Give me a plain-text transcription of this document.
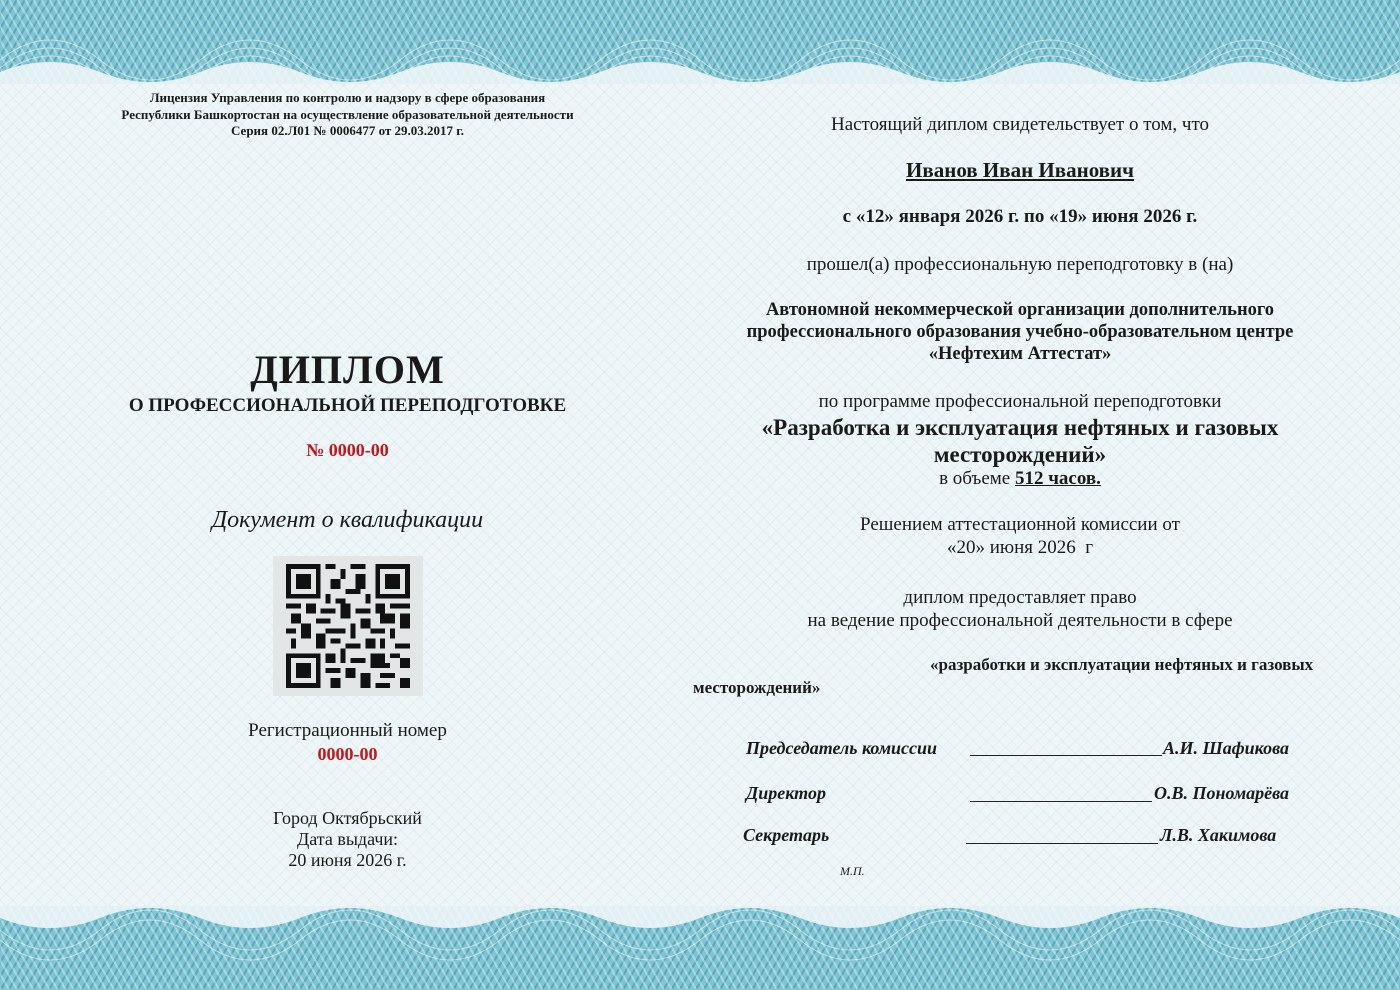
Лицензия Управления по контролю и надзору в сфере образования
Республики Башкортостан на осуществление образовательной деятельности
Серия 02.Л01 № 0006477 от 29.03.2017 г.
ДИПЛОМ
О ПРОФЕССИОНАЛЬНОЙ ПЕРЕПОДГОТОВКЕ
№ 0000-00
Документ о квалификации
Регистрационный номер
0000-00
Город Октябрьский
Дата выдачи:
20 июня 2026 г.
Настоящий диплом свидетельствует о том, что
Иванов Иван Иванович
с «12» января 2026 г. по «19» июня 2026 г.
прошел(а) профессиональную переподготовку в (на)
Автономной некоммерческой организации дополнительного
профессионального образования учебно-образовательном центре
«Нефтехим Аттестат»
по программе профессиональной переподготовки
«Разработка и эксплуатация нефтяных и газовых
месторождений»
в объеме 512 часов.
Решением аттестационной комиссии от
«20» июня 2026  г
диплом предоставляет право
на ведение профессиональной деятельности в сфере
«разработки и эксплуатации нефтяных и газовых
месторождений»
Председатель комиссии	А.И. Шафикова
Директор	О.В. Пономарёва
Секретарь	Л.В. Хакимова
М.П.
